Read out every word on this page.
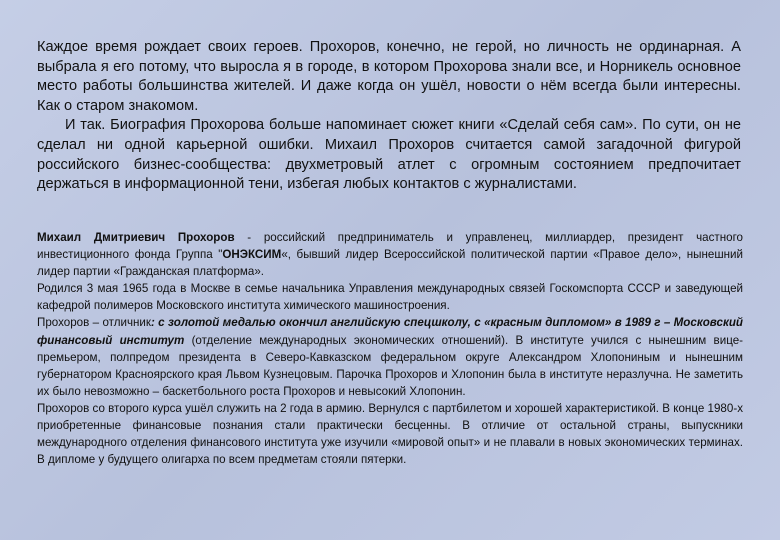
Каждое время рождает своих героев. Прохоров, конечно, не герой, но личность не ординарная. А выбрала я его потому, что выросла я в городе, в котором Прохорова знали все, и Норникель основное место работы большинства жителей. И даже когда он ушёл, новости о нём всегда были интересны. Как о старом знакомом.

И так. Биография Прохорова больше напоминает сюжет книги «Сделай себя сам». По сути, он не сделал ни одной карьерной ошибки. Михаил Прохоров считается самой загадочной фигурой российского бизнес-сообщества: двухметровый атлет с огромным состоянием предпочитает держаться в информационной тени, избегая любых контактов с журналистами.

Михаил Дмитриевич Прохоров - российский предприниматель и управленец, миллиардер, президент частного инвестиционного фонда Группа "ОНЭКСИМ«, бывший лидер Всероссийской политической партии «Правое дело», нынешний лидер партии «Гражданская платформа».

Родился 3 мая 1965 года в Москве в семье начальника Управления международных связей Госкомспорта СССР и заведующей кафедрой полимеров Московского института химического машиностроения.

Прохоров – отличник: с золотой медалью окончил английскую спецшколу, с «красным дипломом» в 1989 г – Московский финансовый институт (отделение международных экономических отношений). В институте учился с нынешним вице-премьером, полпредом президента в Северо-Кавказском федеральном округе Александром Хлопониным и нынешним губернатором Красноярского края Львом Кузнецовым. Парочка Прохоров и Хлопонин была в институте неразлучна. Не заметить их было невозможно – баскетбольного роста Прохоров и невысокий Хлопонин.

Прохоров со второго курса ушёл служить на 2 года в армию. Вернулся с партбилетом и хорошей характеристикой. В конце 1980-х приобретенные финансовые познания стали практически бесценны. В отличие от остальной страны, выпускники международного отделения финансового института уже изучили «мировой опыт» и не плавали в новых экономических терминах. В дипломе у будущего олигарха по всем предметам стояли пятерки.
